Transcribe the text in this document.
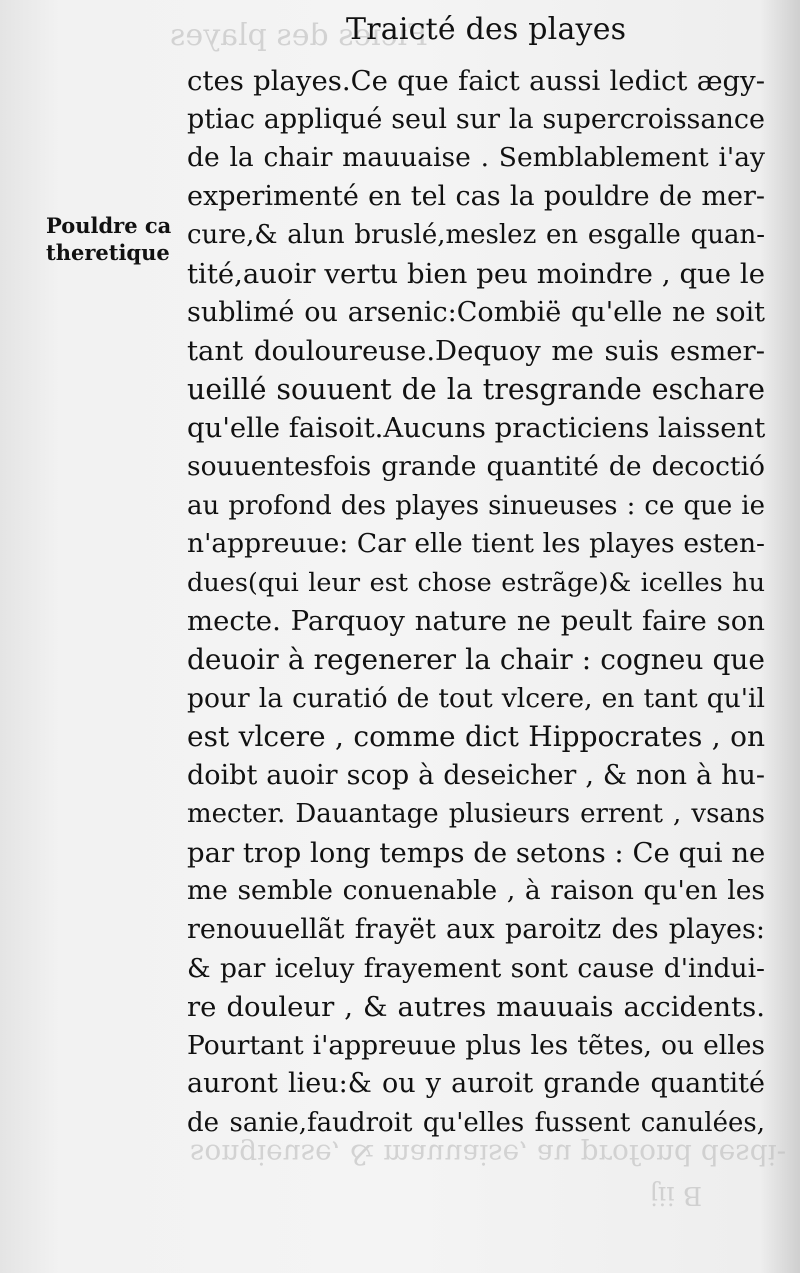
Ficies des playes
songieuse, & mauuaise, au profond desdi-
B iij
Traicté des playes
Pouldre ca
theretique
ctes playes.Ce que faict aussi ledict ægy-
ptiac appliqué seul sur la supercroissance
de la chair mauuaise . Semblablement i'ay
experimenté en tel cas la pouldre de mer-
cure,& alun bruslé,meslez en esgalle quan-
tité,auoir vertu bien peu moindre , que le
sublimé ou arsenic:Combië qu'elle ne soit
tant douloureuse.Dequoy me suis esmer-
ueillé souuent de la tresgrande eschare
qu'elle faisoit.Aucuns practiciens laissent
souuentesfois grande quantité de decoctió
au profond des playes sinueuses : ce que ie
n'appreuue: Car elle tient les playes esten-
dues(qui leur est chose estrãge)& icelles hu
mecte. Parquoy nature ne peult faire son
deuoir à regenerer la chair : cogneu que
pour la curatió de tout vlcere, en tant qu'il
est vlcere , comme dict Hippocrates , on
doibt auoir scop à deseicher , & non à hu-
mecter. Dauantage plusieurs errent , vsans
par trop long temps de setons : Ce qui ne
me semble conuenable , à raison qu'en les
renouuellãt frayët aux paroitz des playes:
& par iceluy frayement sont cause d'indui-
re douleur , & autres mauuais accidents.
Pourtant i'appreuue plus les tẽtes, ou elles
auront lieu:& ou y auroit grande quantité
de sanie,faudroit qu'elles fussent canulées,
